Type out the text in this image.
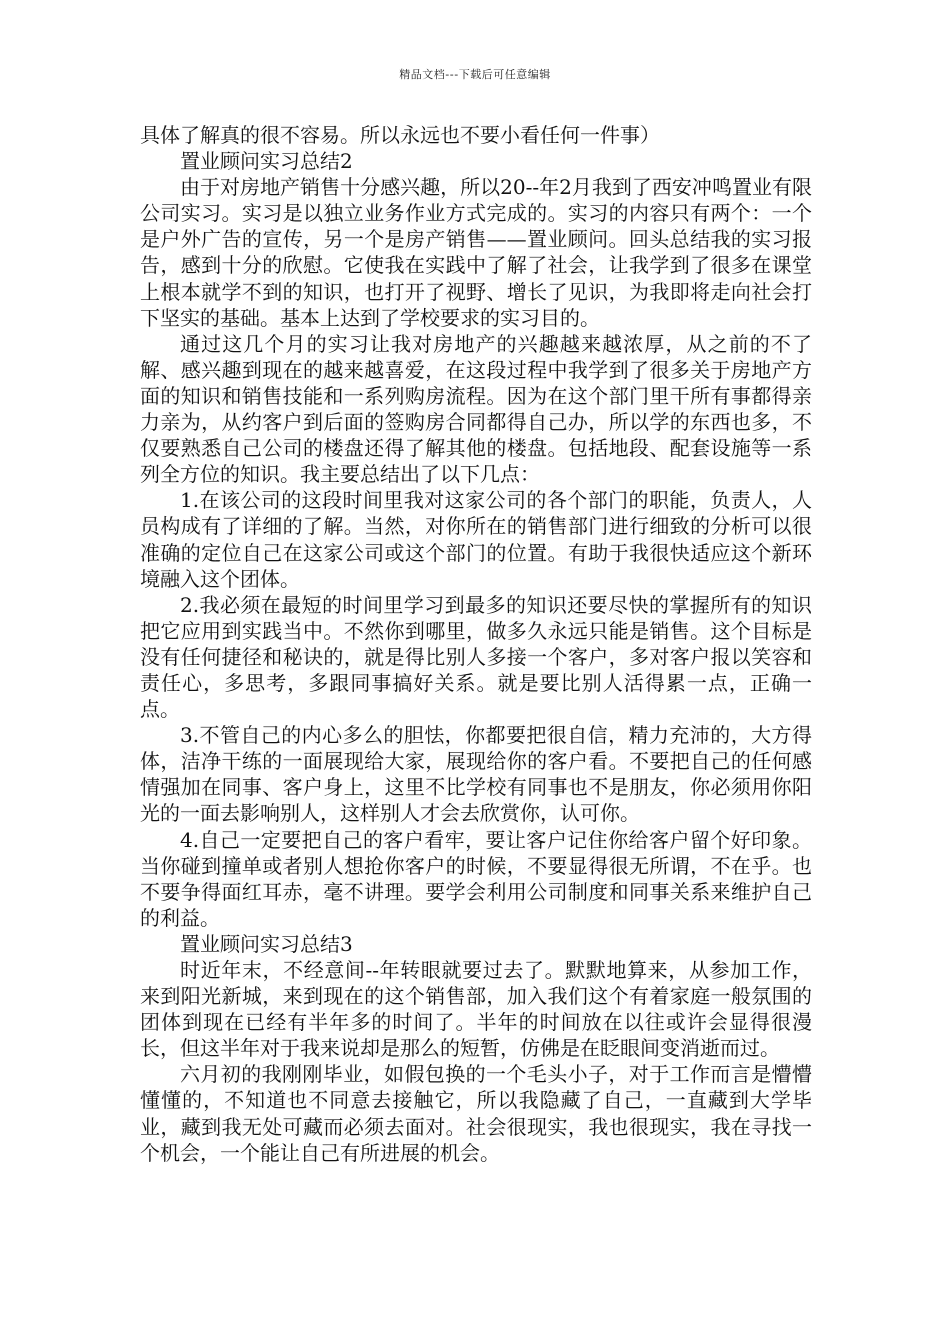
精品文档---下载后可任意编辑

具体了解真的很不容易。所以永远也不要小看任何一件事）

置业顾问实习总结2

由于对房地产销售十分感兴趣，所以20--年2月我到了西安冲鸣置业有限公司实习。实习是以独立业务作业方式完成的。实习的内容只有两个：一个是户外广告的宣传，另一个是房产销售——置业顾问。回头总结我的实习报告，感到十分的欣慰。它使我在实践中了解了社会，让我学到了很多在课堂上根本就学不到的知识，也打开了视野、增长了见识，为我即将走向社会打下坚实的基础。基本上达到了学校要求的实习目的。

通过这几个月的实习让我对房地产的兴趣越来越浓厚，从之前的不了解、感兴趣到现在的越来越喜爱，在这段过程中我学到了很多关于房地产方面的知识和销售技能和一系列购房流程。因为在这个部门里干所有事都得亲力亲为，从约客户到后面的签购房合同都得自己办，所以学的东西也多，不仅要熟悉自己公司的楼盘还得了解其他的楼盘。包括地段、配套设施等一系列全方位的知识。我主要总结出了以下几点：

1.在该公司的这段时间里我对这家公司的各个部门的职能，负责人，人员构成有了详细的了解。当然，对你所在的销售部门进行细致的分析可以很准确的定位自己在这家公司或这个部门的位置。有助于我很快适应这个新环境融入这个团体。

2.我必须在最短的时间里学习到最多的知识还要尽快的掌握所有的知识把它应用到实践当中。不然你到哪里，做多久永远只能是销售。这个目标是没有任何捷径和秘诀的，就是得比别人多接一个客户，多对客户报以笑容和责任心，多思考，多跟同事搞好关系。就是要比别人活得累一点，正确一点。

3.不管自己的内心多么的胆怯，你都要把很自信，精力充沛的，大方得体，洁净干练的一面展现给大家，展现给你的客户看。不要把自己的任何感情强加在同事、客户身上，这里不比学校有同事也不是朋友，你必须用你阳光的一面去影响别人，这样别人才会去欣赏你，认可你。

4.自己一定要把自己的客户看牢，要让客户记住你给客户留个好印象。当你碰到撞单或者别人想抢你客户的时候，不要显得很无所谓，不在乎。也不要争得面红耳赤，毫不讲理。要学会利用公司制度和同事关系来维护自己的利益。

置业顾问实习总结3

时近年末，不经意间--年转眼就要过去了。默默地算来，从参加工作，来到阳光新城，来到现在的这个销售部，加入我们这个有着家庭一般氛围的团体到现在已经有半年多的时间了。半年的时间放在以往或许会显得很漫长，但这半年对于我来说却是那么的短暂，仿佛是在眨眼间变消逝而过。

六月初的我刚刚毕业，如假包换的一个毛头小子，对于工作而言是懵懵懂懂的，不知道也不同意去接触它，所以我隐藏了自己，一直藏到大学毕业，藏到我无处可藏而必须去面对。社会很现实，我也很现实，我在寻找一个机会，一个能让自己有所进展的机会。
